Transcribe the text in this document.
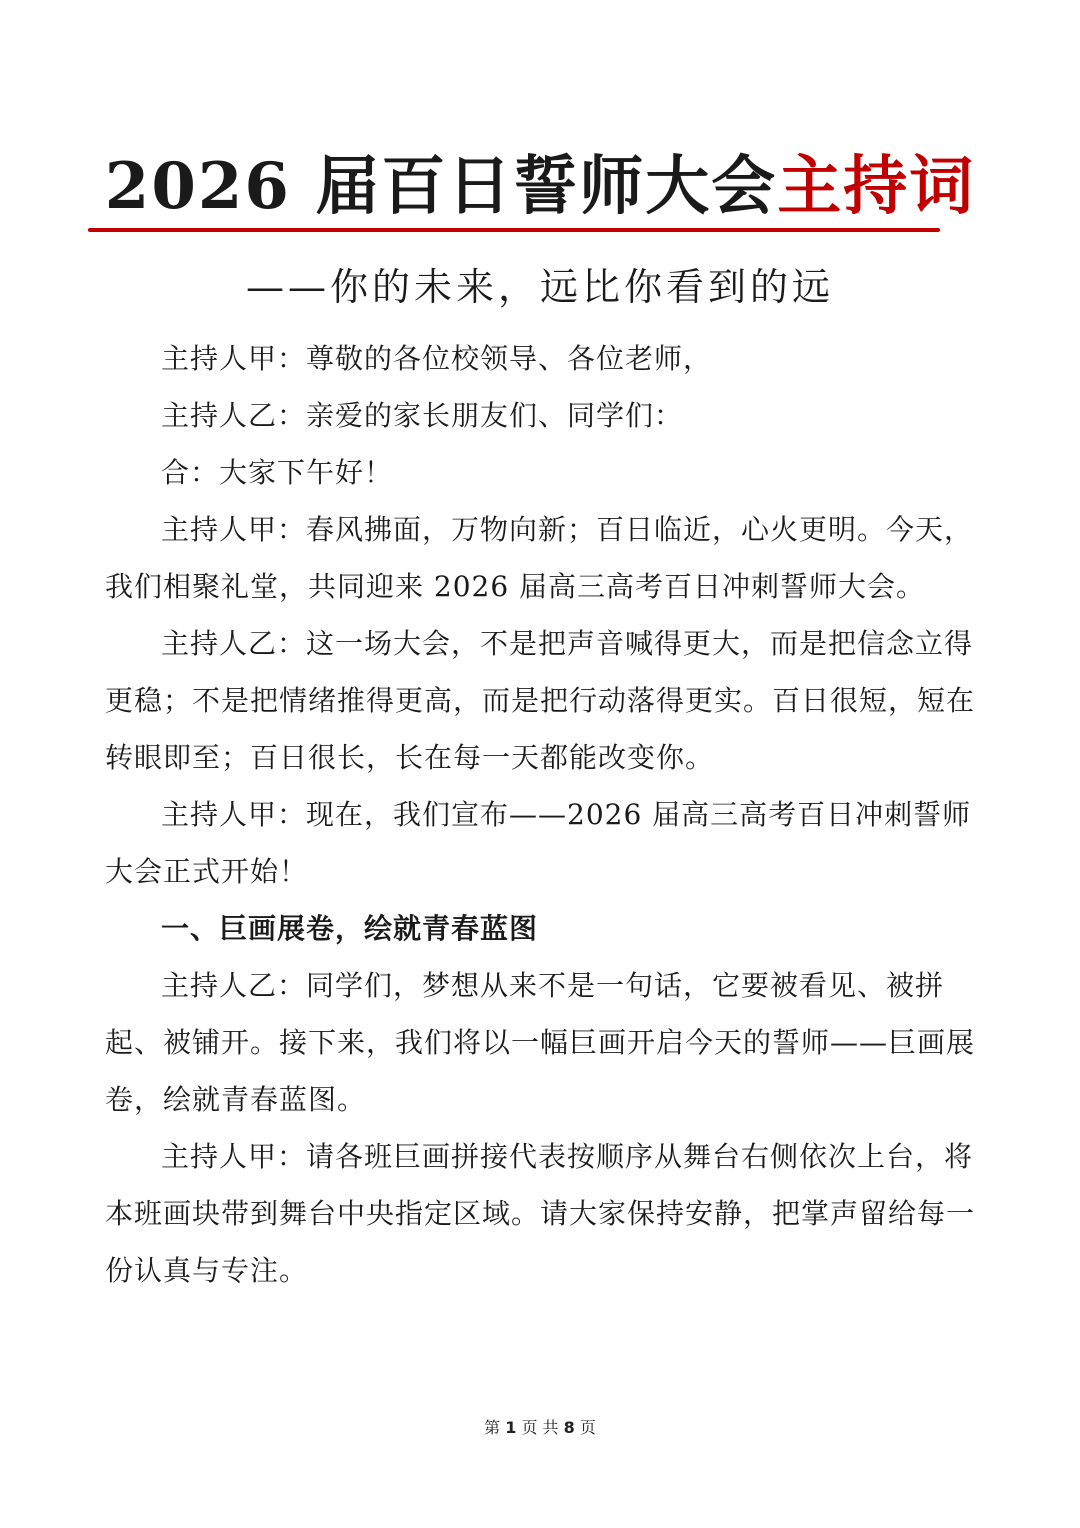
2026 届百日誓师大会主持词
——你的未来，远比你看到的远

主持人甲：尊敬的各位校领导、各位老师，

主持人乙：亲爱的家长朋友们、同学们：

合：大家下午好！

主持人甲：春风拂面，万物向新；百日临近，心火更明。今天，我们相聚礼堂，共同迎来 2026 届高三高考百日冲刺誓师大会。

主持人乙：这一场大会，不是把声音喊得更大，而是把信念立得更稳；不是把情绪推得更高，而是把行动落得更实。百日很短，短在转眼即至；百日很长，长在每一天都能改变你。

主持人甲：现在，我们宣布——2026 届高三高考百日冲刺誓师大会正式开始！

一、巨画展卷，绘就青春蓝图

主持人乙：同学们，梦想从来不是一句话，它要被看见、被拼起、被铺开。接下来，我们将以一幅巨画开启今天的誓师——巨画展卷，绘就青春蓝图。

主持人甲：请各班巨画拼接代表按顺序从舞台右侧依次上台，将本班画块带到舞台中央指定区域。请大家保持安静，把掌声留给每一份认真与专注。

第 1 页 共 8 页
